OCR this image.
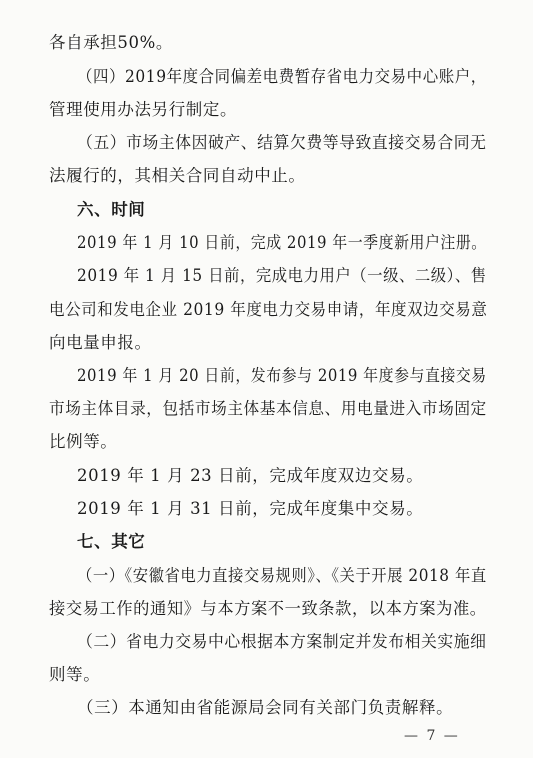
各自承担50%。
（四）2019年度合同偏差电费暂存省电力交易中心账户，
管理使用办法另行制定。
（五）市场主体因破产、结算欠费等导致直接交易合同无
法履行的，其相关合同自动中止。
六、时间
2019 年 1 月 10 日前，完成 2019 年一季度新用户注册。
2019 年 1 月 15 日前，完成电力用户（一级、二级）、售
电公司和发电企业 2019 年度电力交易申请，年度双边交易意
向电量申报。
2019 年 1 月 20 日前，发布参与 2019 年度参与直接交易
市场主体目录，包括市场主体基本信息、用电量进入市场固定
比例等。
2019 年 1 月 23 日前，完成年度双边交易。
2019 年 1 月 31 日前，完成年度集中交易。
七、其它
（一）《安徽省电力直接交易规则》、《关于开展 2018 年直
接交易工作的通知》与本方案不一致条款，以本方案为准。
（二）省电力交易中心根据本方案制定并发布相关实施细
则等。
（三）本通知由省能源局会同有关部门负责解释。
— 7 —
